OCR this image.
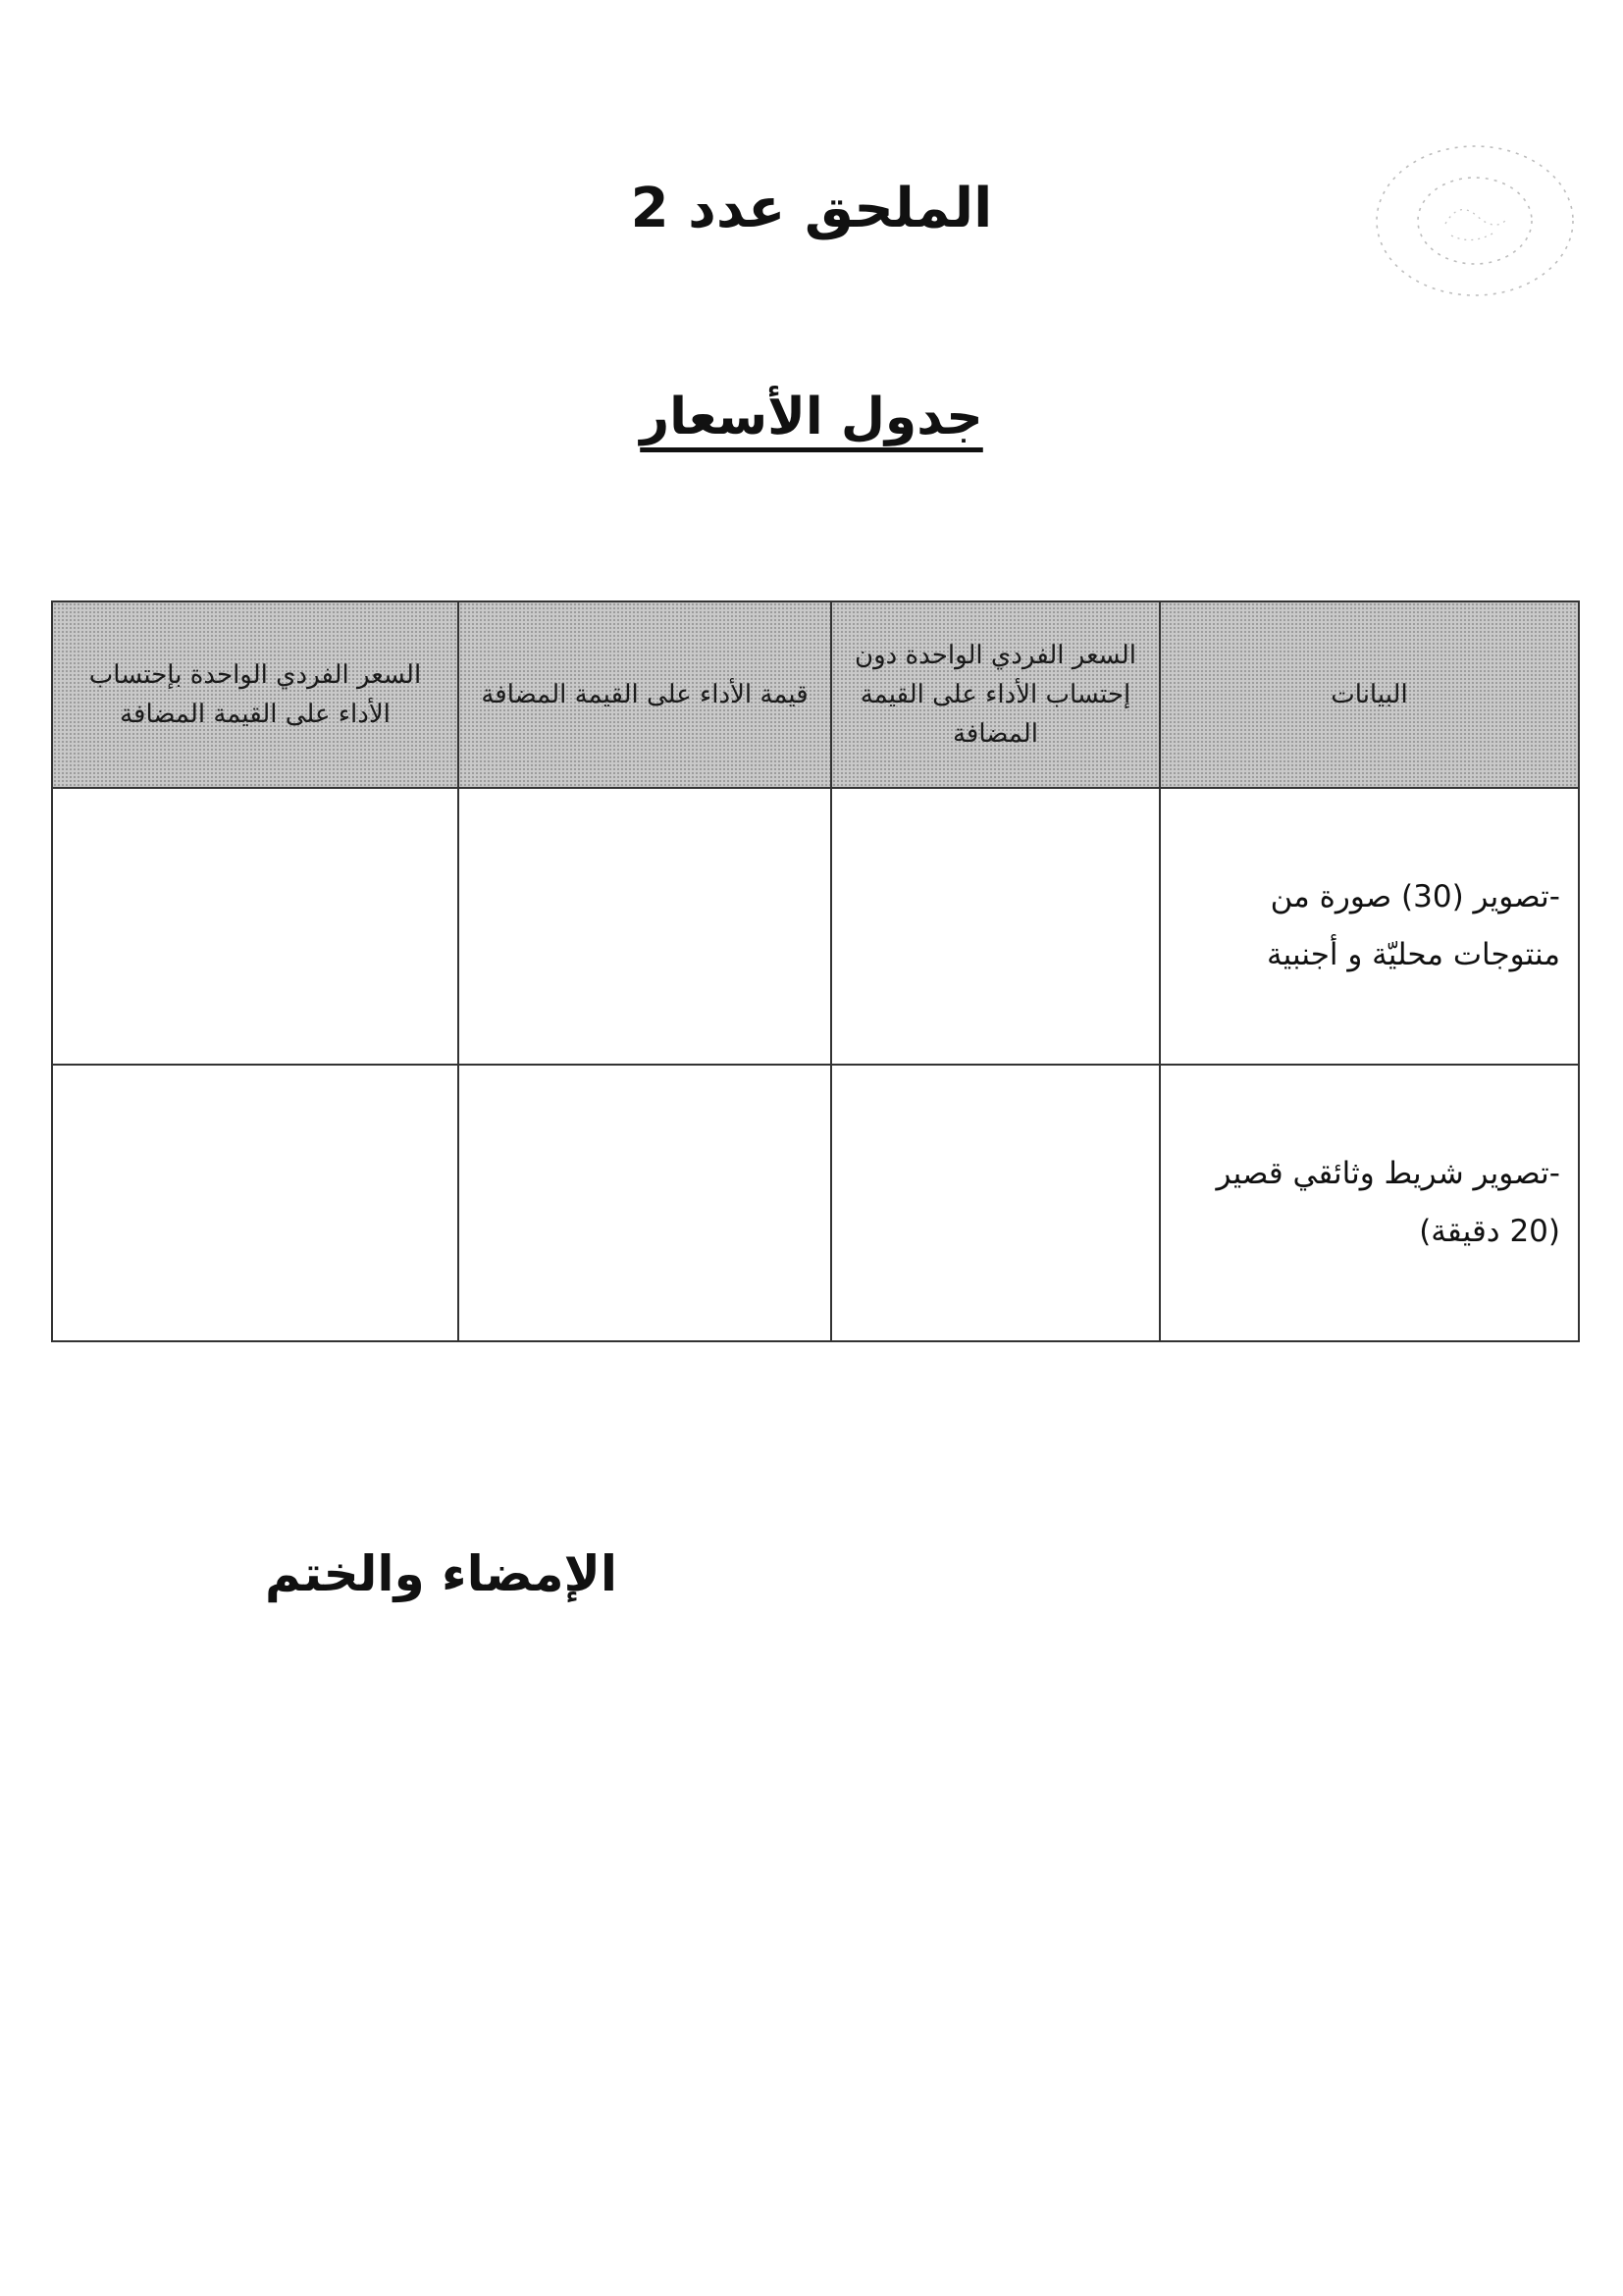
الملحق عدد 2
جدول الأسعار
البيانات	السعر الفردي الواحدة دون إحتساب الأداء على القيمة المضافة	قيمة الأداء على القيمة المضافة	السعر الفردي الواحدة بإحتساب الأداء على القيمة المضافة
-تصوير (30) صورة من منتوجات محليّة و أجنبية			
-تصوير شريط وثائقي قصير (20 دقيقة)			

الإمضاء والختم
